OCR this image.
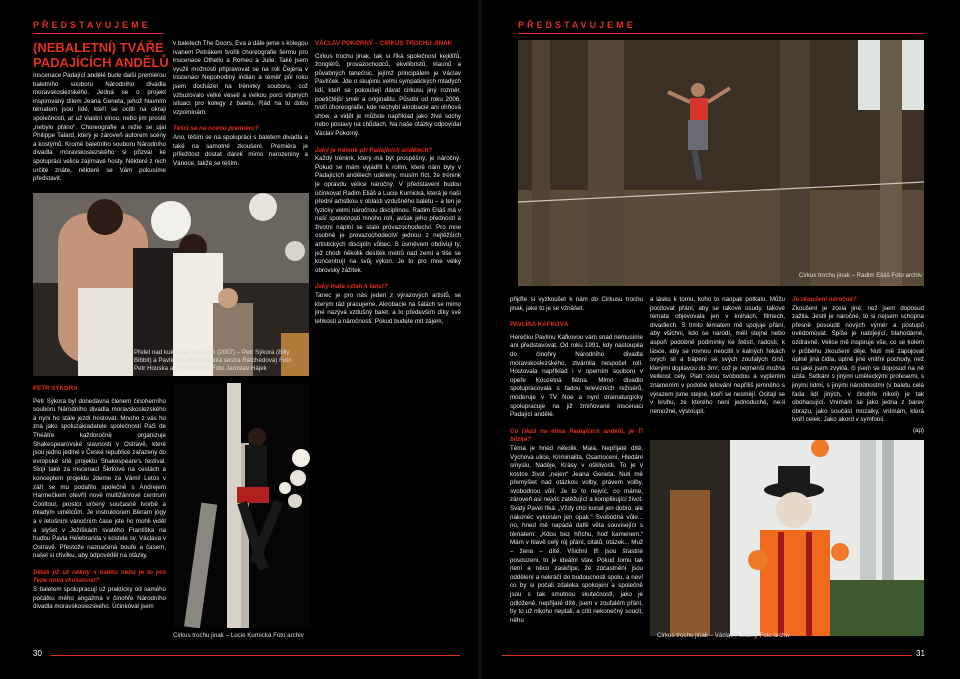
PŘEDSTAVUJEME
(NEBALETNÍ) TVÁŘE PADAJÍCÍCH ANDĚLŮ

Inscenace Padající andělé bude další premiérou baletního souboru Národního divadla moravskoslezského. Jedná se o projekt inspirovaný dílem Jeana Geneta, jehož hlavním tématem jsou lidé, kteří se ocitli na okraji společnosti, ať už vlastní vinou, nebo jim prostě „nebylo přáno“. Choreografie a režie se ujal Philippe Talard, který je zároveň autorem scény a kostýmů. Kromě baletního souboru Národního divadla moravskoslezského si přizval ke spolupráci velice zajímavé hosty. Některé z nich určitě znáte, některé se Vám pokusíme představit.

Přelet nad kukaččím hnízdem (2007) – Petr Sýkora (Billy Bibbit) a Pavlína Kafková (Velká sestra Ratchedová) Foto Petr Houska a Jiří Sedláček Foto Jaroslav Hájek

v baletech The Doors, Eva a dále jeme s kolegou Ivanem Petrákem tvořili choreografie šermu pro inscenace Othello a Romeo a Julie. Také jsem využil možnosti připravovat se na roli Čejena v inscenaci Nepohodlný indián a téměř půl roku jsem docházel na tréninky souboru, což vzbuzovalo velké veselí a velkou porci vtipných situací pro kolegy z baletu. Rád na tu dobu vzpomínám.

Těšíš se na novou premiéru?

Ano, těším se na spolupráci s baletem divadla a také na samotné zkoušení. Premiéra je příležitost dostat dárek mimo narozeniny a Vánoce, takže se těším.

PETR SÝKORA

Petr Sýkora byl donedávna členem činoherního souboru Národního divadla moravskoslezského a nyní ho stále jezdí hostovat. Mnoho z vás ho zná jako spoluzakladatele společnosti PaS de Théâtre každoročně organizuje Shakespearovské slavnosti v Ostravě, které jsou jedno jediné v České republice zařazeny do evropské sítě projektu Shakespeare's festival. Stojí také za inscenací Škrkové na cestách a konceptem projektu Jdeme za Vámi! Letos v září se mu podařilo společně s Andrejem Harmečkem otevřít nové multižánrové centrum Cooltour, prostor určený současné tvorbě a mladým umělcům. Je instruktorem Bikram jógy a v letošním vánočním čase jste ho mohli vidět a slyšet v Ježíškách svatého Františka na hudbu Pavla Helebranda v kostele sv. Václava v Ostravě. Přestože naznačená bouře a časem, našel si chvilku, aby odpověděl na otázky.

Děláš již už někdy s baletu nebo je to pro Tebe nová zkušenost?

S baletem spolupracuji už prakticky od samého počátku mého angažmá v činohře Národního divadla moravskoslezského. Účinkoval jsem

Cirkus trochu jinak – Lucie Kurnická Foto archiv
VÁCLAV POKORNÝ – CIRKUS TROCHU JINAK

Cirkus trochu jinak, tak si říká společnost kejklířů, žonglérů, provazochodců, ekvilibristů, klaunů a půvabných tanečnic, jejímž principálem je Václav Pavlíček. Jde o skupinu velmi sympatických mladých lidí, kteří se pokoušejí dávat cirkusu jiný rozměr, poetičtější směr a originalitu. Působí od roku 2006, tvoří choreografie, kde nechybí akrobacie ani ohňová show, a vidět je můžete například jako živé sochy nebo postavy na chůdách. Na naše otázky odpovídal Václav Pokorný.

Jaký je trénink při Padajících andělech?

Každý trénink, který má být prospěšný, je náročný. Pokud se mám vyjádřit k rolím, které nám byly v Padajících andělech uděleny, musím říct, že trénink je opravdu velice náročný. V představení budou účinkovat Radim Eliáš a Lucie Kurnická, která je naší přední artistkou v oblasti vzdušného baletu – a ten je fyzicky velmi náročnou disciplínou. Radim Eliáš má v naší společnosti mnoho rolí, avšak jeho předností a životní náplní se stalo provazochodectví. Pro mne osobně je provazochodectví jednou z nejtěžších artistických disciplín vůbec. S úsměvem obdivuji ty, jež chodí několik desítek metrů nad zemí a tiše se koncentrují na svůj výkon. Je to pro mne velký obrovský zážitek.

Jaký máte vztah k tanci?

Tanec je pro nás jeden z výrazových artistů, se kterým rád pracujeme. Akrobacie na šálách se mimo jiné nazývá vzdušný balet, a to především díky své lehkosti a náročnosti. Pokud budete mít zájem,

30
PŘEDSTAVUJEME
Cirkus trochu jinak – Radim Eliáš Foto archiv

přijďte si vyzkoušet k nám do Cirkusu trochu jinak, jaké to je se vznášet.

PAVLÍNA KAFKOVÁ

Herečku Pavlínu Kafkovou vám snad nemusíme ani představovat. Od roku 1991, kdy nastoupila do činohry Národního divadla moravskoslezského, ztvárnila nespočet rolí. Hostovala například i v operním souboru v opeře Kouzelná flétna. Mimo divadlo spolupracovala s řadou televizních režisérů, moderuje v TV Noe a nyní dramaturgicky spolupracuje na již zmiňované inscenaci Padající andělé.

Co říkáš na téma Padajících andělů, je Ti blízké?

Téma je hned několik. Malá, Nepřijaté dítě, Výchova ulice, Kriminalita, Osamocení, Hledání smyslu, Naděje, Krásy v ošklivosti. To je v kostce život „nejen“ Jeana Geneta. Nuti mě přemýšlet nad otázkou volby, právem volby, svobodnou vůlí. Je to to nejvíc, co máme, zároveň asi nejvíc zatěžující a komplikující život. Svatý Pavel říká: „Vždy chci konat jen dobro, ale nakonec vykonám jen opak.“ Svobodná vůle... no, hned mě napadá další věta související s tématem: „Kdos bez hříchu, hoď kamenem.“ Mám v hlavě celý roj přání, citátů, otázek... Muž – žena – dítě. Všichni tři jsou šťastné posouzeni, to je ideální stav. Pokud tomu tak není a něco zaskřípe, že zúčastnění jsou oddělení a nekráčí do budoucnosti spolu, a neví co by si počali zdaleka spokojeni a společně jsou s tak smutnou skutečností, jako je odložené, nepřijaté dítě, jsem v zoufalém přání, by to už nikoho neptali, a cítit nekonečný soucit, něhu

a lásku k tomu, koho to naopak potkalo. Můžu pocitovat přání, aby se takové osudy, takové témata objevovala jen v knihách, filmech, divadlech. S tímto tématem mě spojuje přání, aby všichni, kdo se narodí, měli stejné nebo aspoň podobné podmínky ke štěstí, radosti, k lásce, aby se rovnou neocitli v kalných řekách svých sil a trápení se svých zoufalých činů, kterými doplavou do 3m², což je nejmenší možná velikost cely. Platí svou svobodou a vyplením znamením v podobě tetování nepříliš jemného s výrazem jsme stejné, kteří se nesmějí. Ocitají se v kruhu, ze kterého není jednoduché, ne-li nemožné, vystoupit.

Je zkoušení náročné?

Zkoušení je zcela jiné, než jsem doposud zažila. Jestli je náročné, to si nejsem schopna přesně posoudit nových výměr a postupů uvědomovat. Spíše je nabíjející, blahodárné, ozdravné. Velice mě inspiruje vše, co se kolem v průběhu zkoušení děje. Nutí mě zapojovat úplně jiná čidla, úplně jiné vnitřní pochody, než na jaké jsem zvyklá, či jsem se doposud na ně učila. Setkání s jinými uměleckými profesemi, s jinými lidmi, s jinými národnostmi (v baletu celá řada lidí jiných, v činohře nikoli) je tak obohacující. Vnímám se jako jedna z barev obrazu, jako součást mozaiky, vnímám, která tvoří celek. Jako akord v symfonii.

(ap)

Cirkus trochu jinak – Václav Pokorný Foto archiv
31
